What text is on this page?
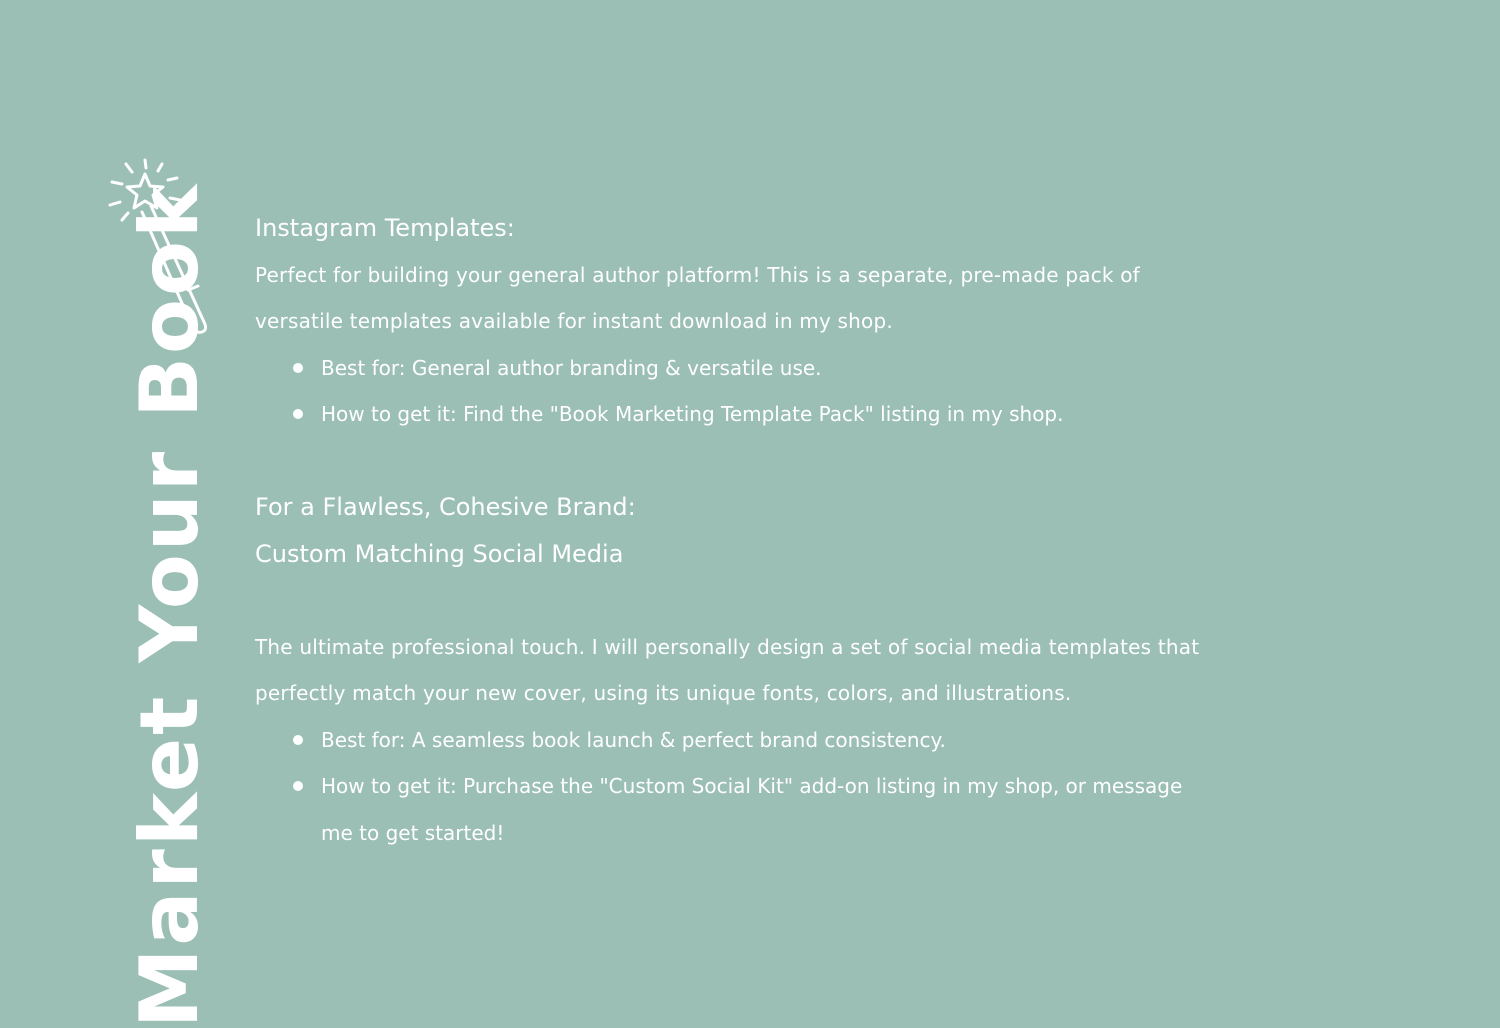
Market Your Book Instagram Templates:

Perfect for building your general author platform! This is a separate, pre-made pack of versatile templates available for instant download in my shop.

Best for: General author branding & versatile use.
How to get it: Find the "Book Marketing Template Pack" listing in my shop.

For a Flawless, Cohesive Brand:

Custom Matching Social Media

The ultimate professional touch. I will personally design a set of social media templates that perfectly match your new cover, using its unique fonts, colors, and illustrations.

Best for: A seamless book launch & perfect brand consistency.
How to get it: Purchase the "Custom Social Kit" add-on listing in my shop, or message me to get started!
